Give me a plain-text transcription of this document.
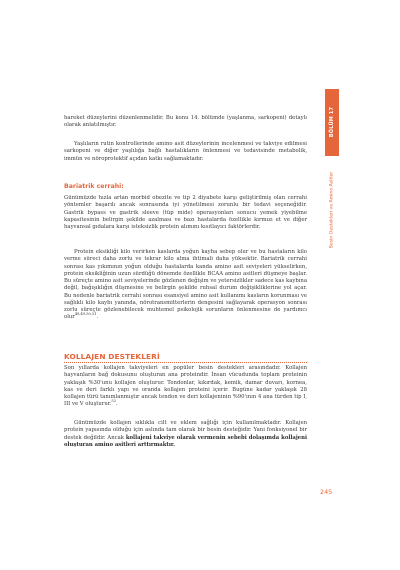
BÖLÜM 17
Besin Destekleri ve Amino Asitler

hareket düzeylerini düzenlenmelidir. Bu konu 14. bölümde (yaşlanma, sarkopeni) detaylı olarak anlatılmıştır.

Yaşlıların rutin kontrollerinde amino asit düzeylerinin incelenmesi ve takviye edilmesi sarkopeni ve diğer yaşlılığa bağlı hastalıkların önlenmesi ve tedavisinde metabolik, immün ve nöroprotektif açıdan katkı sağlamaktadır.

Bariatrik cerrahi:

Günümüzde hızla artan morbid obezite ve tip 2 diyabete karşı geliştirilmiş olan cerrahi yöntemler başarılı ancak sonrasında iyi yönetilmesi zorunlu bir tedavi seçeneğidir. Gastrik bypass ve gastrik sleeve (tüp mide) operasyonları sonucu yemek yiyebilme kapasitesinin belirgin şekilde azalması ve bazı hastalarda özellikle kırmızı et ve diğer hayvansal gıdalara karşı isteksizlik protein alımını kısıtlayıcı faktörlerdir.

Protein eksikliği kilo verirken kaslarda yoğun kayba sebep olur ve bu hastaların kilo verme süreci daha zorlu ve tekrar kilo alma ihtimali daha yüksektir. Bariatrik cerrahi sonrası kas yıkımının yoğun olduğu hastalarda kanda amino asit seviyeleri yükselirken, protein eksikliğinin uzun sürdüğü dönemde özellikle BCAA amino asitleri düşmeye başlar. Bu süreçte amino asit seviyelerinde gözlenen değişim ve yetersizlikler sadece kas kaybına değil, bağışıklığın düşmesine ve belirgin şekilde ruhsal durum değişikliklerine yol açar. Bu nedenle bariatrik cerrahi sonrası esansiyel amino asit kullanımı kasların korunması ve sağlıklı kilo kaybı yanında, nörotransmitterlerin dengesini sağlayarak operasyon sonrası zorlu süreçte gözlenebilecek muhtemel psikolojik sorunların önlenmesine de yardımcı olur$^{48,49,50,51}$.

KOLLAJEN DESTEKLERİ

Son yıllarda kollajen takviyeleri en popüler besin destekleri arasındadır. Kollajen hayvanların bağ dokusunu oluşturan ana proteindir. İnsan vücudunda toplam proteinin yaklaşık %30'unu kollajen oluşturur. Tendonlar, kıkırdak, kemik, damar duvarı, kornea, kas ve deri farklı yapı ve oranda kollajen proteini içerir. Bugüne kadar yaklaşık 28 kollajen türü tanımlanmıştır ancak tendon ve deri kollajeninin %90'ının 4 ana türden tip I, III ve V oluşturur.$^{52}$.

Günümüzde kollajen sıklıkla cilt ve eklem sağlığı için kullanılmaktadır. Kollajen protein yapısında olduğu için aslında tam olarak bir besin desteğidir. Yani fonksiyonel bir destek değildir. Ancak kollajeni takviye olarak vermenin sebebi dolaşımda kollajeni oluşturan amino asitleri arttırmaktır.

245
